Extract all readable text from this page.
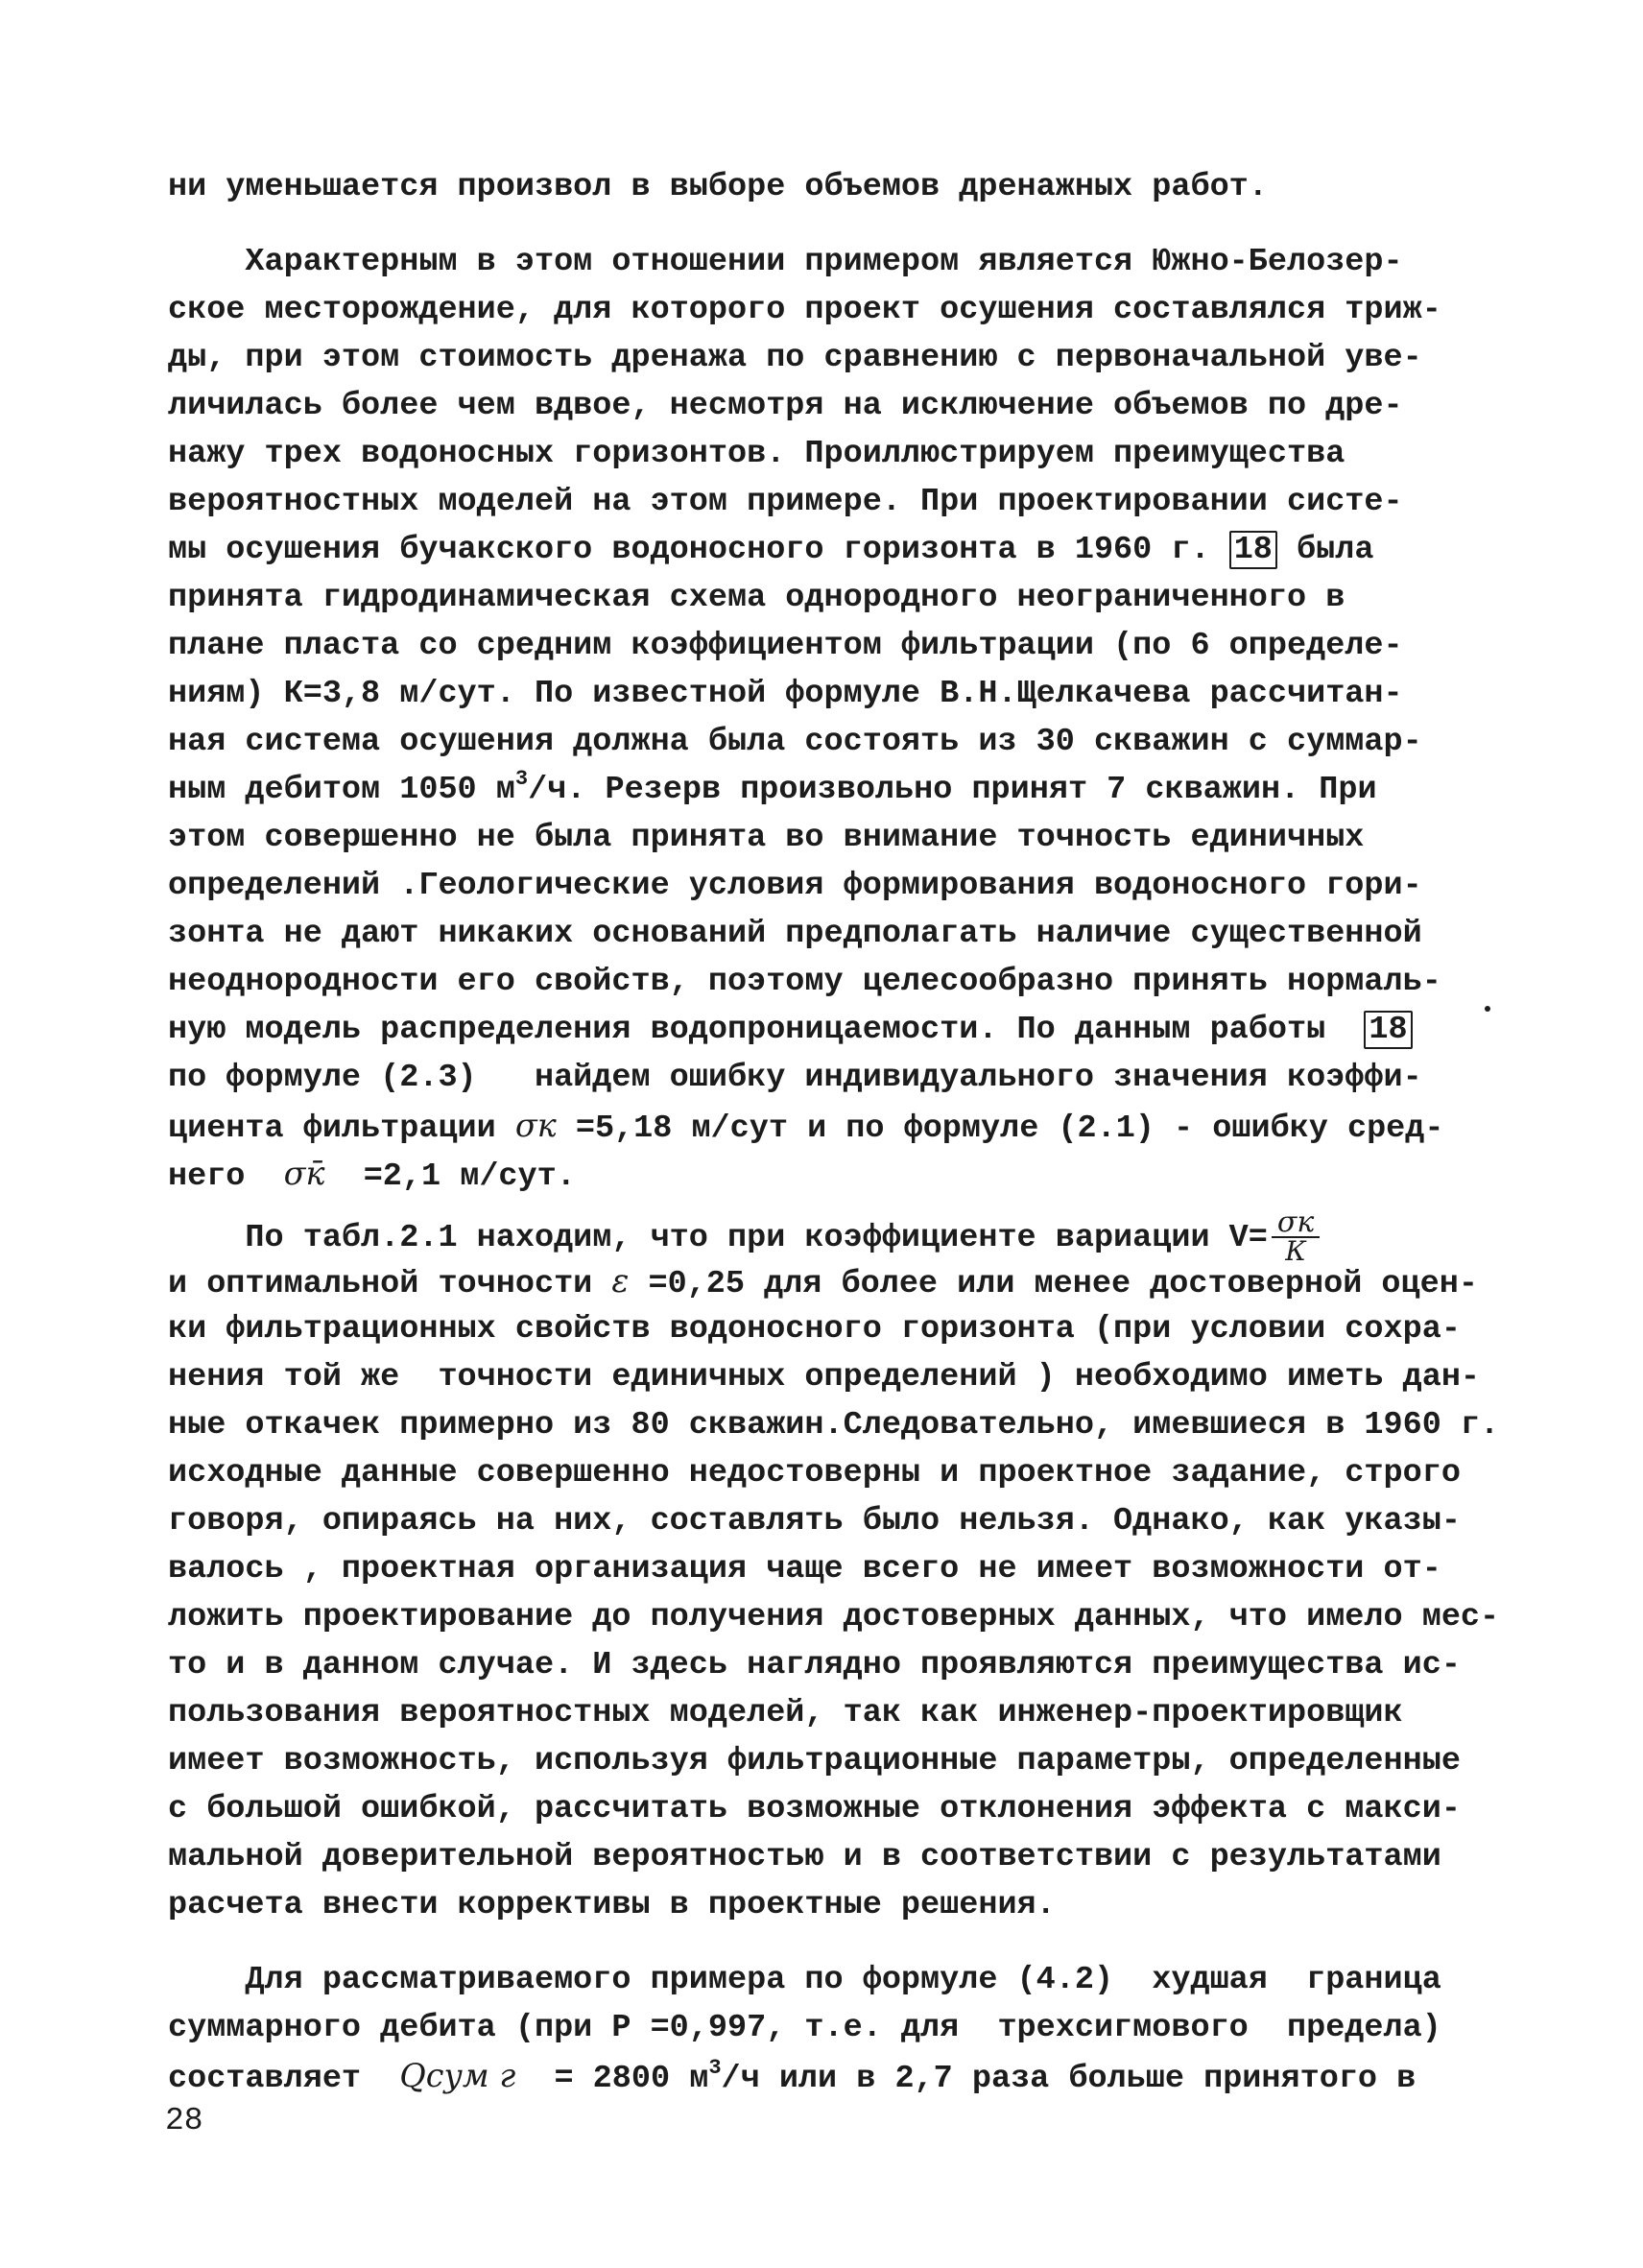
ни уменьшается произвол в выборе объемов дренажных работ.
Характерным в этом отношении примером является Южно-Белозер-
ское месторождение, для которого проект осушения составлялся триж-
ды, при этом стоимость дренажа по сравнению с первоначальной уве-
личилась более чем вдвое, несмотря на исключение объемов по дре-
нажу трех водоносных горизонтов. Проиллюстрируем преимущества
вероятностных моделей на этом примере. При проектировании систе-
мы осушения бучакского водоносного горизонта в 1960 г. 18 была
принята гидродинамическая схема однородного неограниченного в
плане пласта со средним коэффициентом фильтрации (по 6 определе-
ниям) К=3,8 м/сут. По известной формуле В.Н.Щелкачева рассчитан-
ная система осушения должна была состоять из 30 скважин с суммар-
ным дебитом 1050 $м^3/ч$. Резерв произвольно принят 7 скважин. При
этом совершенно не была принята во внимание точность единичных
определений .Геологические условия формирования водоносного гори-
зонта не дают никаких оснований предполагать наличие существенной
неоднородности его свойств, поэтому целесообразно принять нормаль-
ную модель распределения водопроницаемости. По данным работы  18
по формуле (2.3)   найдем ошибку индивидуального значения коэффи-
циента фильтрации σк =5,18 м/сут и по формуле (2.1) - ошибку сред-
него  σк̄  =2,1 м/сут.
По табл.2.1 находим, что при коэффициенте вариации $V= \frac{\sigma к}{К}$
и оптимальной точности ε =0,25 для более или менее достоверной оцен-
ки фильтрационных свойств водоносного горизонта (при условии сохра-
нения той же  точности единичных определений ) необходимо иметь дан-
ные откачек примерно из 80 скважин.Следовательно, имевшиеся в 1960 г.
исходные данные совершенно недостоверны и проектное задание, строго
говоря, опираясь на них, составлять было нельзя. Однако, как указы-
валось , проектная организация чаще всего не имеет возможности от-
ложить проектирование до получения достоверных данных, что имело мес-
то и в данном случае. И здесь наглядно проявляются преимущества ис-
пользования вероятностных моделей, так как инженер-проектировщик
имеет возможность, используя фильтрационные параметры, определенные
с большой ошибкой, рассчитать возможные отклонения эффекта с макси-
мальной доверительной вероятностью и в соответствии с результатами
расчета внести коррективы в проектные решения.
Для рассматриваемого примера по формуле (4.2)  худшая  граница
суммарного дебита (при Р =0,997, т.е. для  трехсигмового  предела)
составляет  Qсум г  = 2800 $м^3/ч$ или в 2,7 раза больше принятого в
28
